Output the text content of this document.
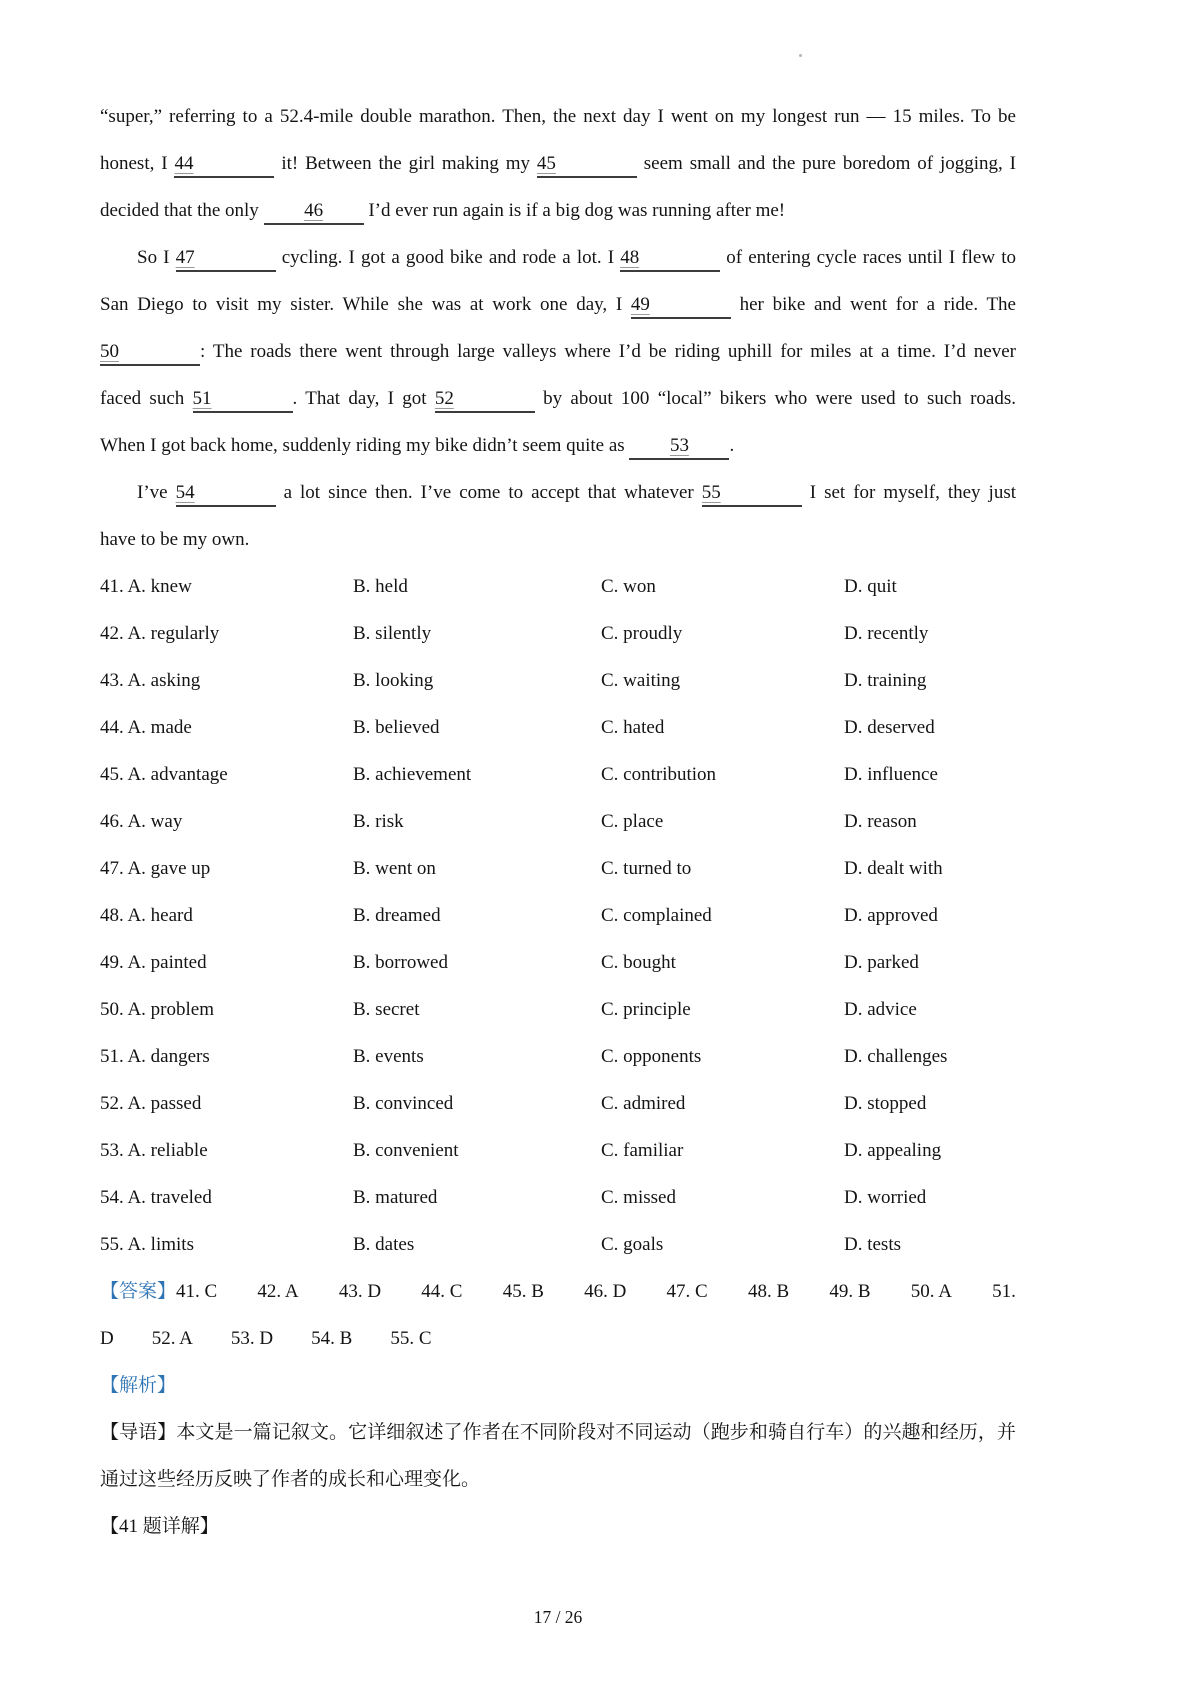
“super,” referring to a 52.4-mile double marathon. Then, the next day I went on my longest run — 15 miles. To be
honest, I 44	it! Between the girl making my 45	seem small and the pure boredom of jogging, I
decided that the only 46 I’d ever run again is if a big dog was running after me!
So I 47	cycling. I got a good bike and rode a lot. I 48	of entering cycle races until I flew to
San Diego to visit my sister. While she was at work one day, I 49	her bike and went for a ride. The
50	: The roads there went through large valleys where I’d be riding uphill for miles at a time. I’d never
faced such 51	. That day, I got 52	by about 100 “local” bikers who were used to such roads.
When I got back home, suddenly riding my bike didn’t seem quite as 53 .
I’ve 54	a lot since then. I’ve come to accept that whatever 55	I set for myself, they just
have to be my own.
41. A. knew	B. held	C. won	D. quit
42. A. regularly	B. silently	C. proudly	D. recently
43. A. asking	B. looking	C. waiting	D. training
44. A. made	B. believed	C. hated	D. deserved
45. A. advantage	B. achievement	C. contribution	D. influence
46. A. way	B. risk	C. place	D. reason
47. A. gave up	B. went on	C. turned to	D. dealt with
48. A. heard	B. dreamed	C. complained	D. approved
49. A. painted	B. borrowed	C. bought	D. parked
50. A. problem	B. secret	C. principle	D. advice
51. A. dangers	B. events	C. opponents	D. challenges
52. A. passed	B. convinced	C. admired	D. stopped
53. A. reliable	B. convenient	C. familiar	D. appealing
54. A. traveled	B. matured	C. missed	D. worried
55. A. limits	B. dates	C. goals	D. tests
【答案】41. C 42. A 43. D 44. C 45. B 46. D 47. C 48. B 49. B 50. A 51.
D 52. A 53. D 54. B 55. C
【解析】

【导语】本文是一篇记叙文。它详细叙述了作者在不同阶段对不同运动（跑步和骑自行车）的兴趣和经历，并通过这些经历反映了作者的成长和心理变化。

【41 题详解】
17 / 26
